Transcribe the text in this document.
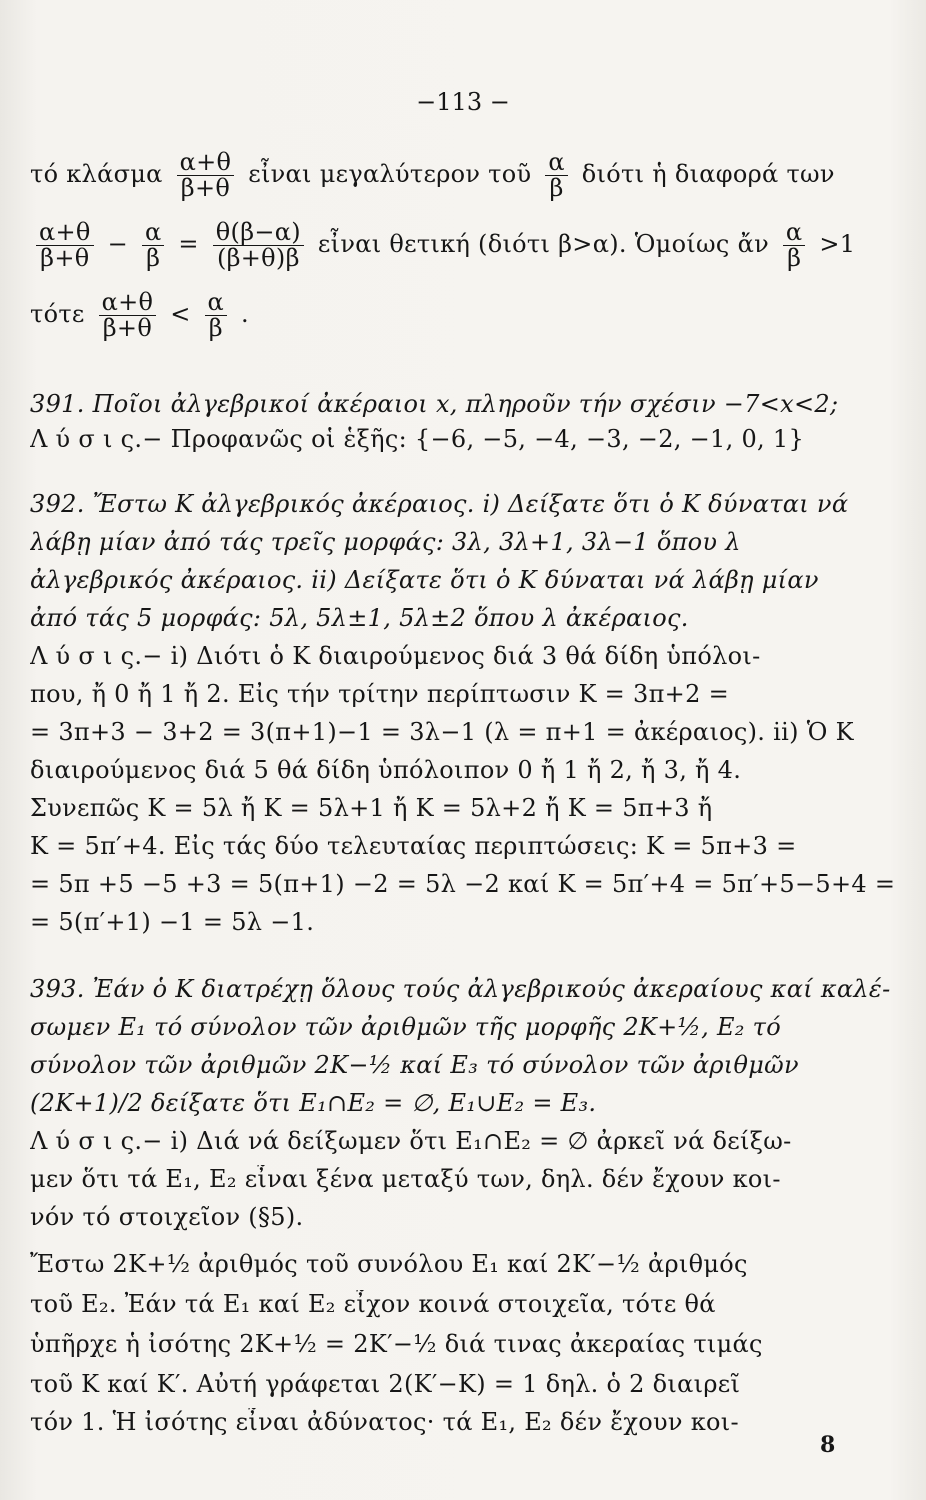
−113 −
τό κλάσμα $\frac{\alpha+\theta}{\beta+\theta}$ εἶναι μεγαλύτερον τοῦ $\frac{\alpha}{\beta}$ διότι ἡ διαφορά των
$\frac{\alpha+\theta}{\beta+\theta} - \frac{\alpha}{\beta} = \frac{\theta(\beta-\alpha)}{(\beta+\theta)\beta}$ εἶναι θετική (διότι β>α). Ὁμοίως ἄν $\frac{\alpha}{\beta} >1$
τότε $\frac{\alpha+\theta}{\beta+\theta} < \frac{\alpha}{\beta}$ .
391. Ποῖοι ἀλγεβρικοί ἀκέραιοι x, πληροῦν τήν σχέσιν −7<x<2;
Λ ύ σ ι ς.− Προφανῶς οἱ ἑξῆς: {−6, −5, −4, −3, −2, −1, 0, 1}
392. Ἔστω K ἀλγεβρικός ἀκέραιος. i) Δείξατε ὅτι ὁ K δύναται νά
λάβῃ μίαν ἀπό τάς τρεῖς μορφάς: 3λ, 3λ+1, 3λ−1 ὅπου λ
ἀλγεβρικός ἀκέραιος. ii) Δείξατε ὅτι ὁ K δύναται νά λάβῃ μίαν
ἀπό τάς 5 μορφάς: 5λ, 5λ±1, 5λ±2 ὅπου λ ἀκέραιος.
Λ ύ σ ι ς.− i) Διότι ὁ K διαιρούμενος διά 3 θά δίδη ὑπόλοι-
που, ἤ 0 ἤ 1 ἤ 2. Εἰς τήν τρίτην περίπτωσιν K = 3π+2 =
= 3π+3 − 3+2 = 3(π+1)−1 = 3λ−1 (λ = π+1 = ἀκέραιος). ii) Ὁ K
διαιρούμενος διά 5 θά δίδη ὑπόλοιπον 0 ἤ 1 ἤ 2, ἤ 3, ἤ 4.
Συνεπῶς K = 5λ ἤ K = 5λ+1 ἤ K = 5λ+2 ἤ K = 5π+3 ἤ
K = 5π′+4. Εἰς τάς δύο τελευταίας περιπτώσεις: K = 5π+3 =
= 5π +5 −5 +3 = 5(π+1) −2 = 5λ −2 καί K = 5π′+4 = 5π′+5−5+4 =
= 5(π′+1) −1 = 5λ −1.
393. Ἐάν ὁ K διατρέχῃ ὅλους τούς ἀλγεβρικούς ἀκεραίους καί καλέ-
σωμεν E₁ τό σύνολον τῶν ἀριθμῶν τῆς μορφῆς 2K+½, E₂ τό
σύνολον τῶν ἀριθμῶν 2K−½ καί E₃ τό σύνολον τῶν ἀριθμῶν
(2K+1)/2 δείξατε ὅτι E₁∩E₂ = ∅, E₁∪E₂ = E₃.
Λ ύ σ ι ς.− i) Διά νά δείξωμεν ὅτι E₁∩E₂ = ∅ ἀρκεῖ νά δείξω-
μεν ὅτι τά E₁, E₂ εἶναι ξένα μεταξύ των, δηλ. δέν ἔχουν κοι-
νόν τό στοιχεῖον (§5).
Ἔστω 2K+½ ἀριθμός τοῦ συνόλου E₁ καί 2K′−½ ἀριθμός
τοῦ E₂. Ἐάν τά E₁ καί E₂ εἶχον κοινά στοιχεῖα, τότε θά
ὑπῆρχε ἡ ἰσότης 2K+½ = 2K′−½ διά τινας ἀκεραίας τιμάς
τοῦ K καί K′. Αὐτή γράφεται 2(K′−K) = 1 δηλ. ὁ 2 διαιρεῖ
τόν 1. Ἡ ἰσότης εἶναι ἀδύνατος· τά E₁, E₂ δέν ἔχουν κοι-
8
